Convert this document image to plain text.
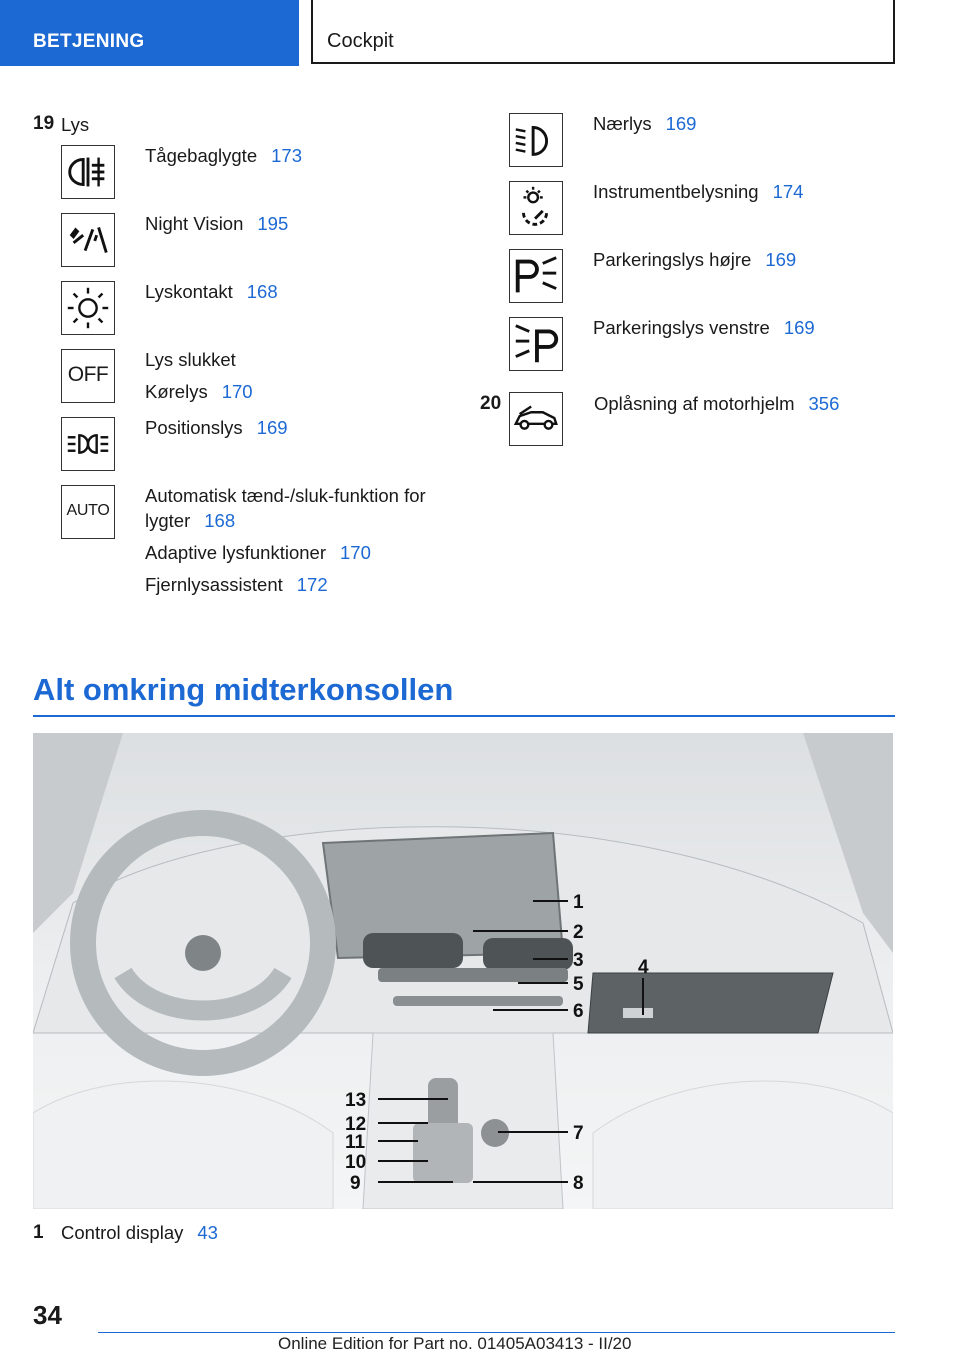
BETJENING	Cockpit
19 Lys
Tågebaglygte 173
Night Vision 195
Lyskontakt 168
OFF
Lys slukket
Kørelys 170
Positionslys 169
AUTO
Automatisk tænd-/sluk-funktion for
lygter 168
Adaptive lysfunktioner 170
Fjernlysassistent 172
Nærlys 169
Instrumentbelysning 174
Parkeringslys højre 169
Parkeringslys venstre 169
20	Oplåsning af motorhjelm 356
Alt omkring midterkonsollen
1
2
3	4
5
6
7
8
9
10
11
12
13
1 Control display 43
34
Online Edition for Part no. 01405A03413 - II/20
